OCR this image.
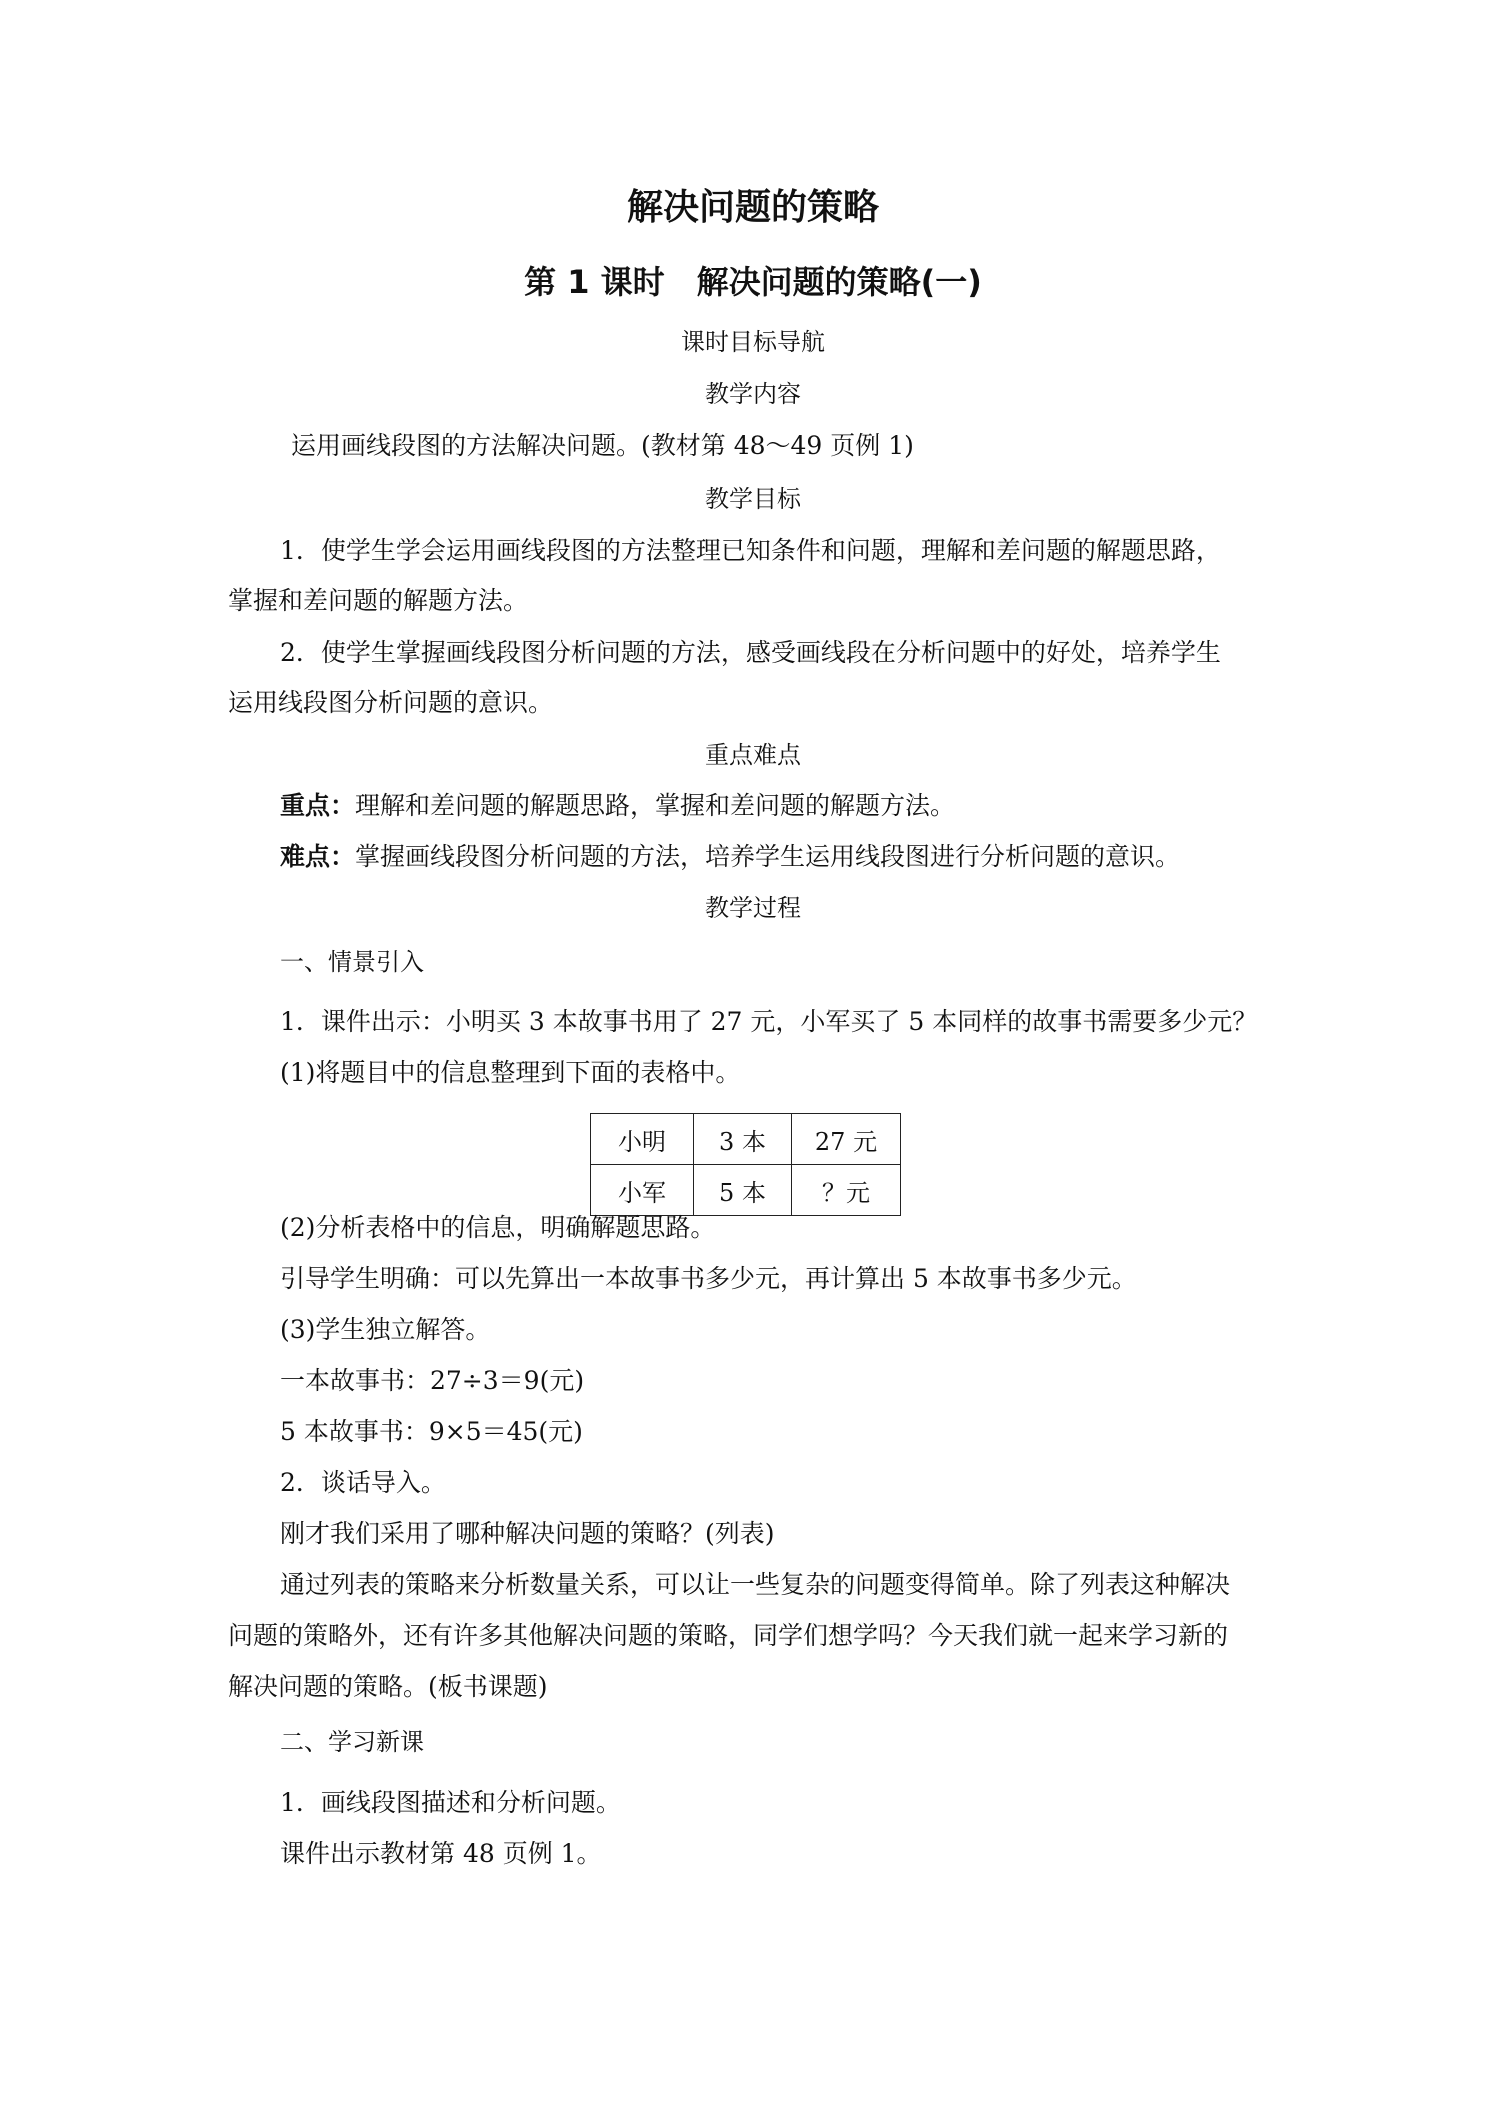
解决问题的策略
第 1 课时　解决问题的策略(一)
课时目标导航
教学内容
运用画线段图的方法解决问题。(教材第 48～49 页例 1)
教学目标
1．使学生学会运用画线段图的方法整理已知条件和问题，理解和差问题的解题思路，
掌握和差问题的解题方法。
2．使学生掌握画线段图分析问题的方法，感受画线段在分析问题中的好处，培养学生
运用线段图分析问题的意识。
重点难点
重点：理解和差问题的解题思路，掌握和差问题的解题方法。
难点：掌握画线段图分析问题的方法，培养学生运用线段图进行分析问题的意识。
教学过程
一、情景引入
1．课件出示：小明买 3 本故事书用了 27 元，小军买了 5 本同样的故事书需要多少元？
(1)将题目中的信息整理到下面的表格中。
小明	3 本	27 元
小军	5 本	？元
(2)分析表格中的信息，明确解题思路。
引导学生明确：可以先算出一本故事书多少元，再计算出 5 本故事书多少元。
(3)学生独立解答。
一本故事书：27÷3＝9(元)
5 本故事书：9×5＝45(元)
2．谈话导入。
刚才我们采用了哪种解决问题的策略？(列表)
通过列表的策略来分析数量关系，可以让一些复杂的问题变得简单。除了列表这种解决
问题的策略外，还有许多其他解决问题的策略，同学们想学吗？今天我们就一起来学习新的
解决问题的策略。(板书课题)
二、学习新课
1．画线段图描述和分析问题。
课件出示教材第 48 页例 1。
